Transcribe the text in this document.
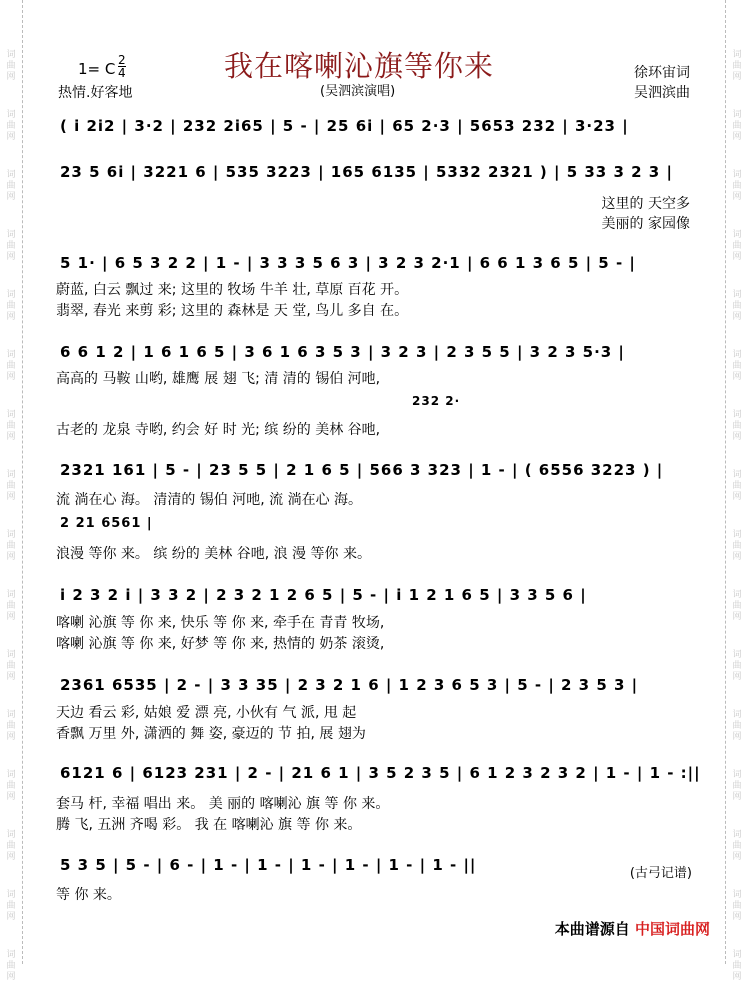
词
曲
网
词
曲
网
词
曲
网
词
曲
网
词
曲
网
词
曲
网
词
曲
网
词
曲
网
词
曲
网
词
曲
网
词
曲
网
词
曲
网
词
曲
网
词
曲
网
词
曲
网
词
曲
网
词
曲
网
词
曲
网
词
曲
网
词
曲
网
词
曲
网
词
曲
网
词
曲
网
词
曲
网
词
曲
网
词
曲
网
词
曲
网
词
曲
网
词
曲
网
词
曲
网
词
曲
网
词
曲
网
我在喀喇沁旗等你来
1= C 2
4
热情.好客地	(吴泗滨演唱)
徐环宙词
吴泗滨曲
( i 2i2 | 3·2 | 232 2i65 | 5 - | 25 6i | 65 2·3 | 5653 232 | 3·23 |
23 5 6i | 3221 6 | 535 3223 | 165 6135 | 5332 2321 ) | 5 33 3 2 3 |
这里的 天空多
美丽的 家园像
5 1· | 6 5 3 2 2 | 1 - | 3 3 3 5 6 3 | 3 2 3 2·1 | 6 6 1 3 6 5 | 5 - |
蔚蓝, 白云 飘过 来; 这里的 牧场 牛羊 壮, 草原 百花 开。
翡翠, 春光 来剪 彩; 这里的 森林是 天 堂, 鸟儿 多自 在。
6 6 1 2 | 1 6 1 6 5 | 3 6 1 6 3 5 3 | 3 2 3 | 2 3 5 5 | 3 2 3 5·3 |
高高的 马鞍 山哟, 雄鹰 展 翅 飞; 清 清的 锡伯 河吔,
232 2·
古老的 龙泉 寺哟, 约会 好 时 光; 缤 纷的 美林 谷吔,
2321 161 | 5 - | 23 5 5 | 2 1 6 5 | 566 3 323 | 1 - | ( 6556 3223 ) |
流 淌在心 海。 清清的 锡伯 河吔, 流 淌在心 海。
2 21 6561 |
浪漫 等你 来。 缤 纷的 美林 谷吔, 浪 漫 等你 来。
i 2 3 2 i | 3 3 2 | 2 3 2 1 2 6 5 | 5 - | i 1 2 1 6 5 | 3 3 5 6 |
喀喇 沁旗 等 你 来, 快乐 等 你 来, 牵手在 青青 牧场,
喀喇 沁旗 等 你 来, 好梦 等 你 来, 热情的 奶茶 滚烫,
2361 6535 | 2 - | 3 3 35 | 2 3 2 1 6 | 1 2 3 6 5 3 | 5 - | 2 3 5 3 |
天边 看云 彩, 姑娘 爱 漂 亮, 小伙有 气 派, 甩 起
香飘 万里 外, 潇洒的 舞 姿, 豪迈的 节 拍, 展 翅为
6121 6 | 6123 231 | 2 - | 21 6 1 | 3 5 2 3 5 | 6 1 2 3 2 3 2 | 1 - | 1 - :||
套马 杆, 幸福 唱出 来。 美 丽的 喀喇沁 旗 等 你 来。
腾 飞, 五洲 齐喝 彩。 我 在 喀喇沁 旗 等 你 来。
5 3 5 | 5 - | 6 - | 1 - | 1 - | 1 - | 1 - | 1 - | 1 - ||
等 你 来。
(古弓记谱)
本曲谱源自 中国词曲网
